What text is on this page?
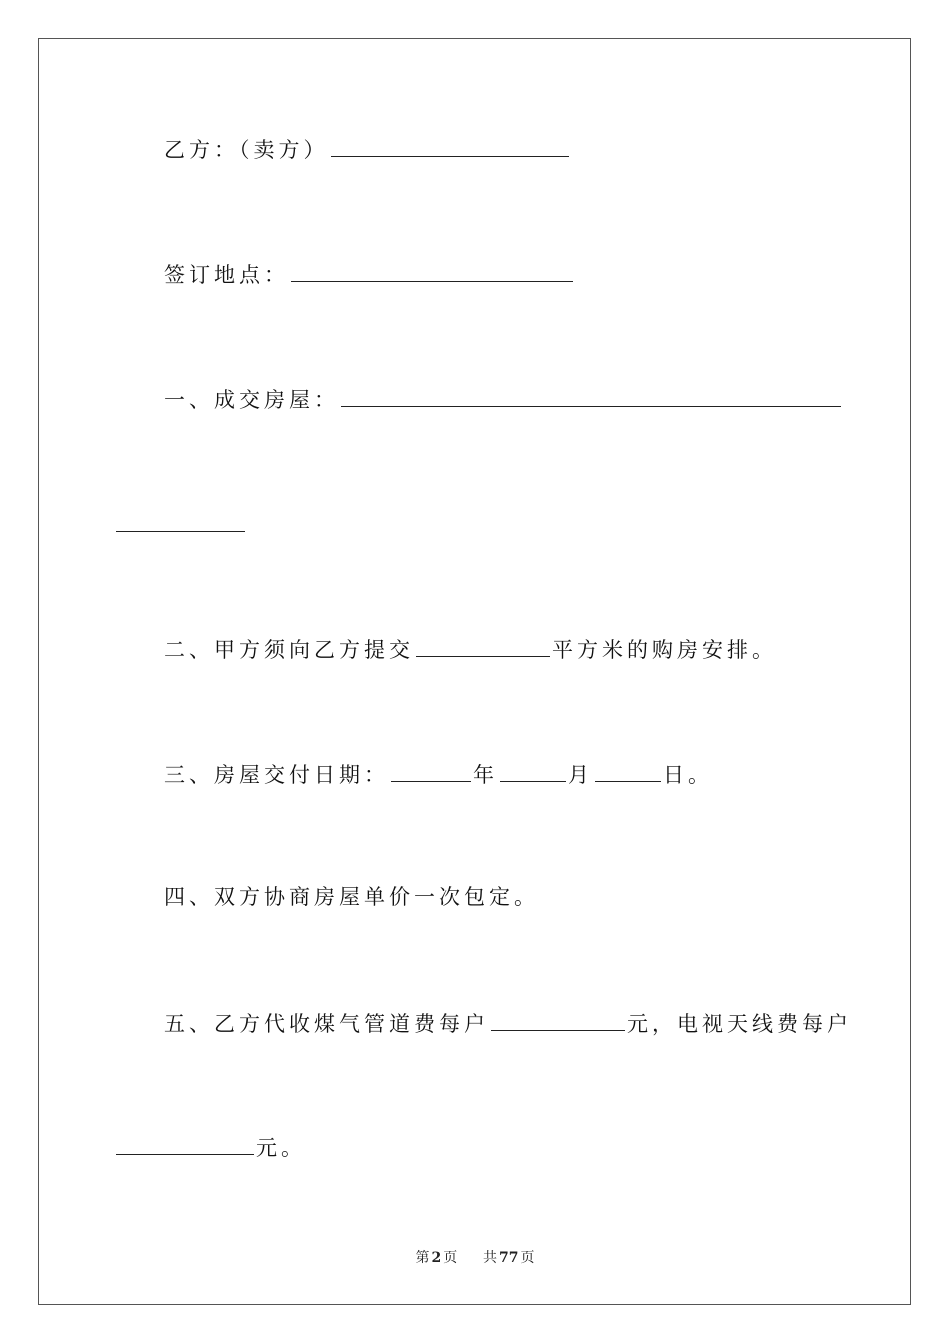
乙方：（卖方）
签订地点：
一、成交房屋：
二、甲方须向乙方提交	平方米的购房安排。
三、房屋交付日期：	年	月	日。
四、双方协商房屋单价一次包定。
五、乙方代收煤气管道费每户	元，电视天线费每户
元。
第 2 页 共 77 页
